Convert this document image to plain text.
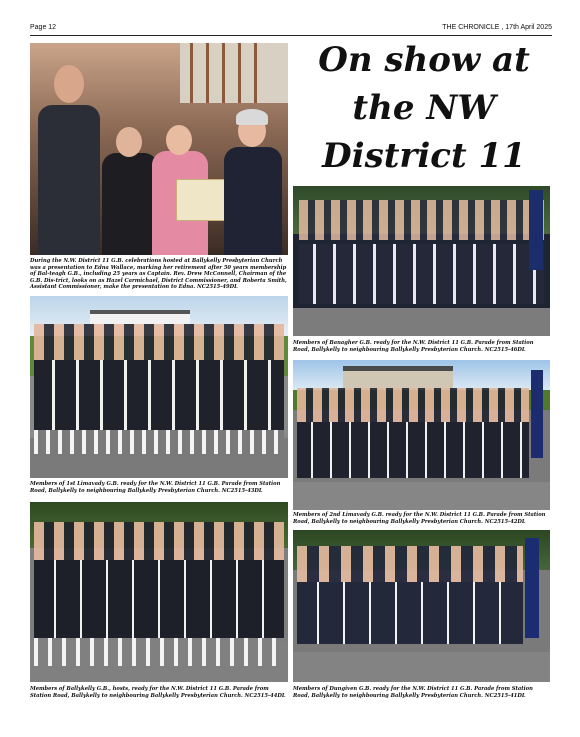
Page 12	THE CHRONICLE , 17th April 2025
On show at the NW District 11

During the N.W. District 11 G.B. celebrations hosted at Ballykelly Presbyterian Church was a presentation to Edna Wallace, marking her retirement after 50 years membership of Bal-teagh G.B., including 25 years as Captain. Rev. Drew McConnell, Chairman of the G.B. Dis-trict, looks on as Hazel Carmichael, District Commissioner, and Roberta Smith, Assistant Commissioner, make the presentation to Edna. NC2515-49DL

Members of Banagher G.B. ready for the N.W. District 11 G.B. Parade from Station Road, Ballykelly to neighbouring Ballykelly Presbyterian Church. NC2515-46DL

Members of 1st Limavady G.B. ready for the N.W. District 11 G.B. Parade from Station Road, Ballykelly to neighbouring Ballykelly Presbyterian Church. NC2515-43DL

Members of 2nd Limavady G.B. ready for the N.W. District 11 G.B. Parade from Station Road, Ballykelly to neighbouring Ballykelly Presbyterian Church. NC2515-42DL

Members of Ballykelly G.B., hosts, ready for the N.W. District 11 G.B. Parade from Station Road, Ballykelly to neighbouring Ballykelly Presbyterian Church. NC2515-44DL

Members of Dungiven G.B. ready for the N.W. District 11 G.B. Parade from Station Road, Ballykelly to neighbouring Ballykelly Presbyterian Church. NC2515-41DL
